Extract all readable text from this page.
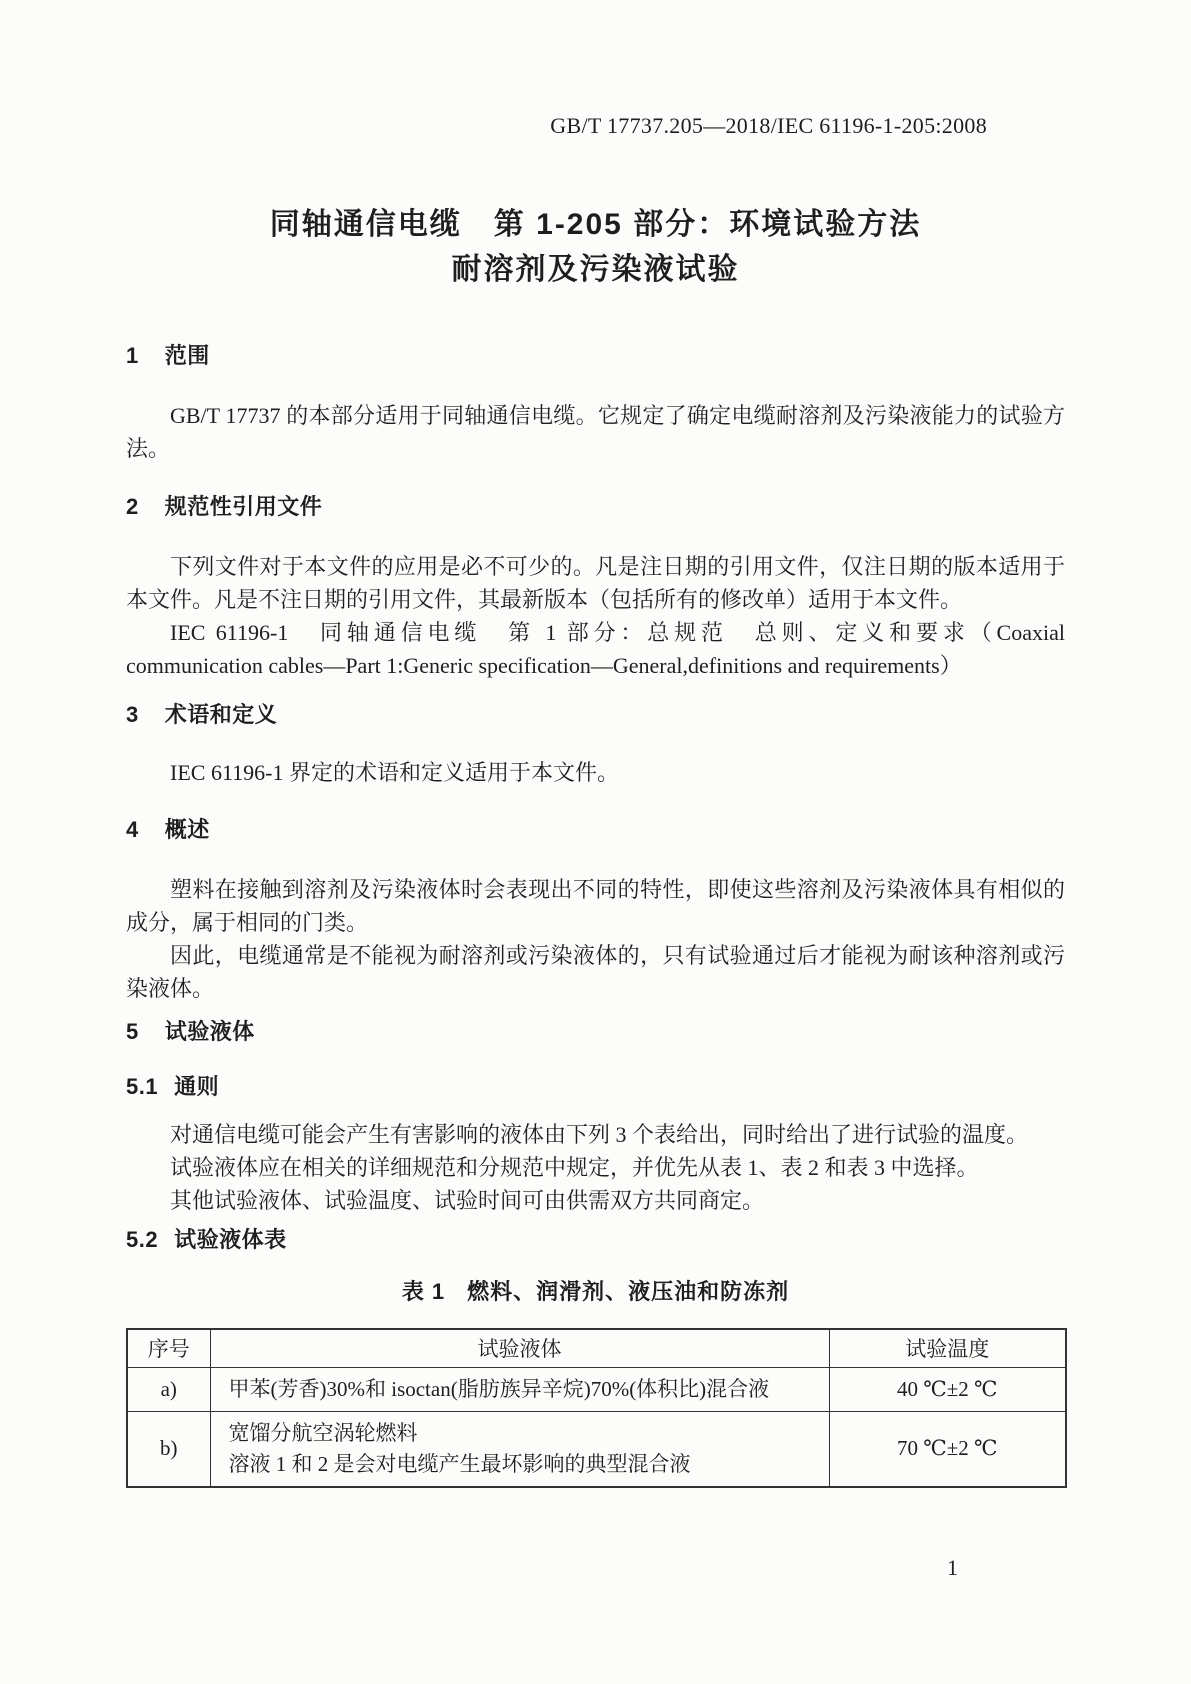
GB/T 17737.205—2018/IEC 61196-1-205:2008
同轴通信电缆　第 1-205 部分：环境试验方法
耐溶剂及污染液试验
1 范围

GB/T 17737 的本部分适用于同轴通信电缆。它规定了确定电缆耐溶剂及污染液能力的试验方法。

2 规范性引用文件

下列文件对于本文件的应用是必不可少的。凡是注日期的引用文件，仅注日期的版本适用于本文件。凡是不注日期的引用文件，其最新版本（包括所有的修改单）适用于本文件。

IEC 61196-1　同轴通信电缆　第 1 部分：总规范　总则、定义和要求（Coaxial communication cables—Part 1:Generic specification—General,definitions and requirements）

3 术语和定义

IEC 61196-1 界定的术语和定义适用于本文件。

4 概述

塑料在接触到溶剂及污染液体时会表现出不同的特性，即使这些溶剂及污染液体具有相似的成分，属于相同的门类。

因此，电缆通常是不能视为耐溶剂或污染液体的，只有试验通过后才能视为耐该种溶剂或污染液体。

5 试验液体
5.1 通则

对通信电缆可能会产生有害影响的液体由下列 3 个表给出，同时给出了进行试验的温度。

试验液体应在相关的详细规范和分规范中规定，并优先从表 1、表 2 和表 3 中选择。

其他试验液体、试验温度、试验时间可由供需双方共同商定。

5.2 试验液体表
表 1 燃料、润滑剂、液压油和防冻剂
序号	试验液体	试验温度
a)	甲苯(芳香)30%和 isoctan(脂肪族异辛烷)70%(体积比)混合液	40 ℃±2 ℃
b)	宽馏分航空涡轮燃料
溶液 1 和 2 是会对电缆产生最坏影响的典型混合液	70 ℃±2 ℃
1
